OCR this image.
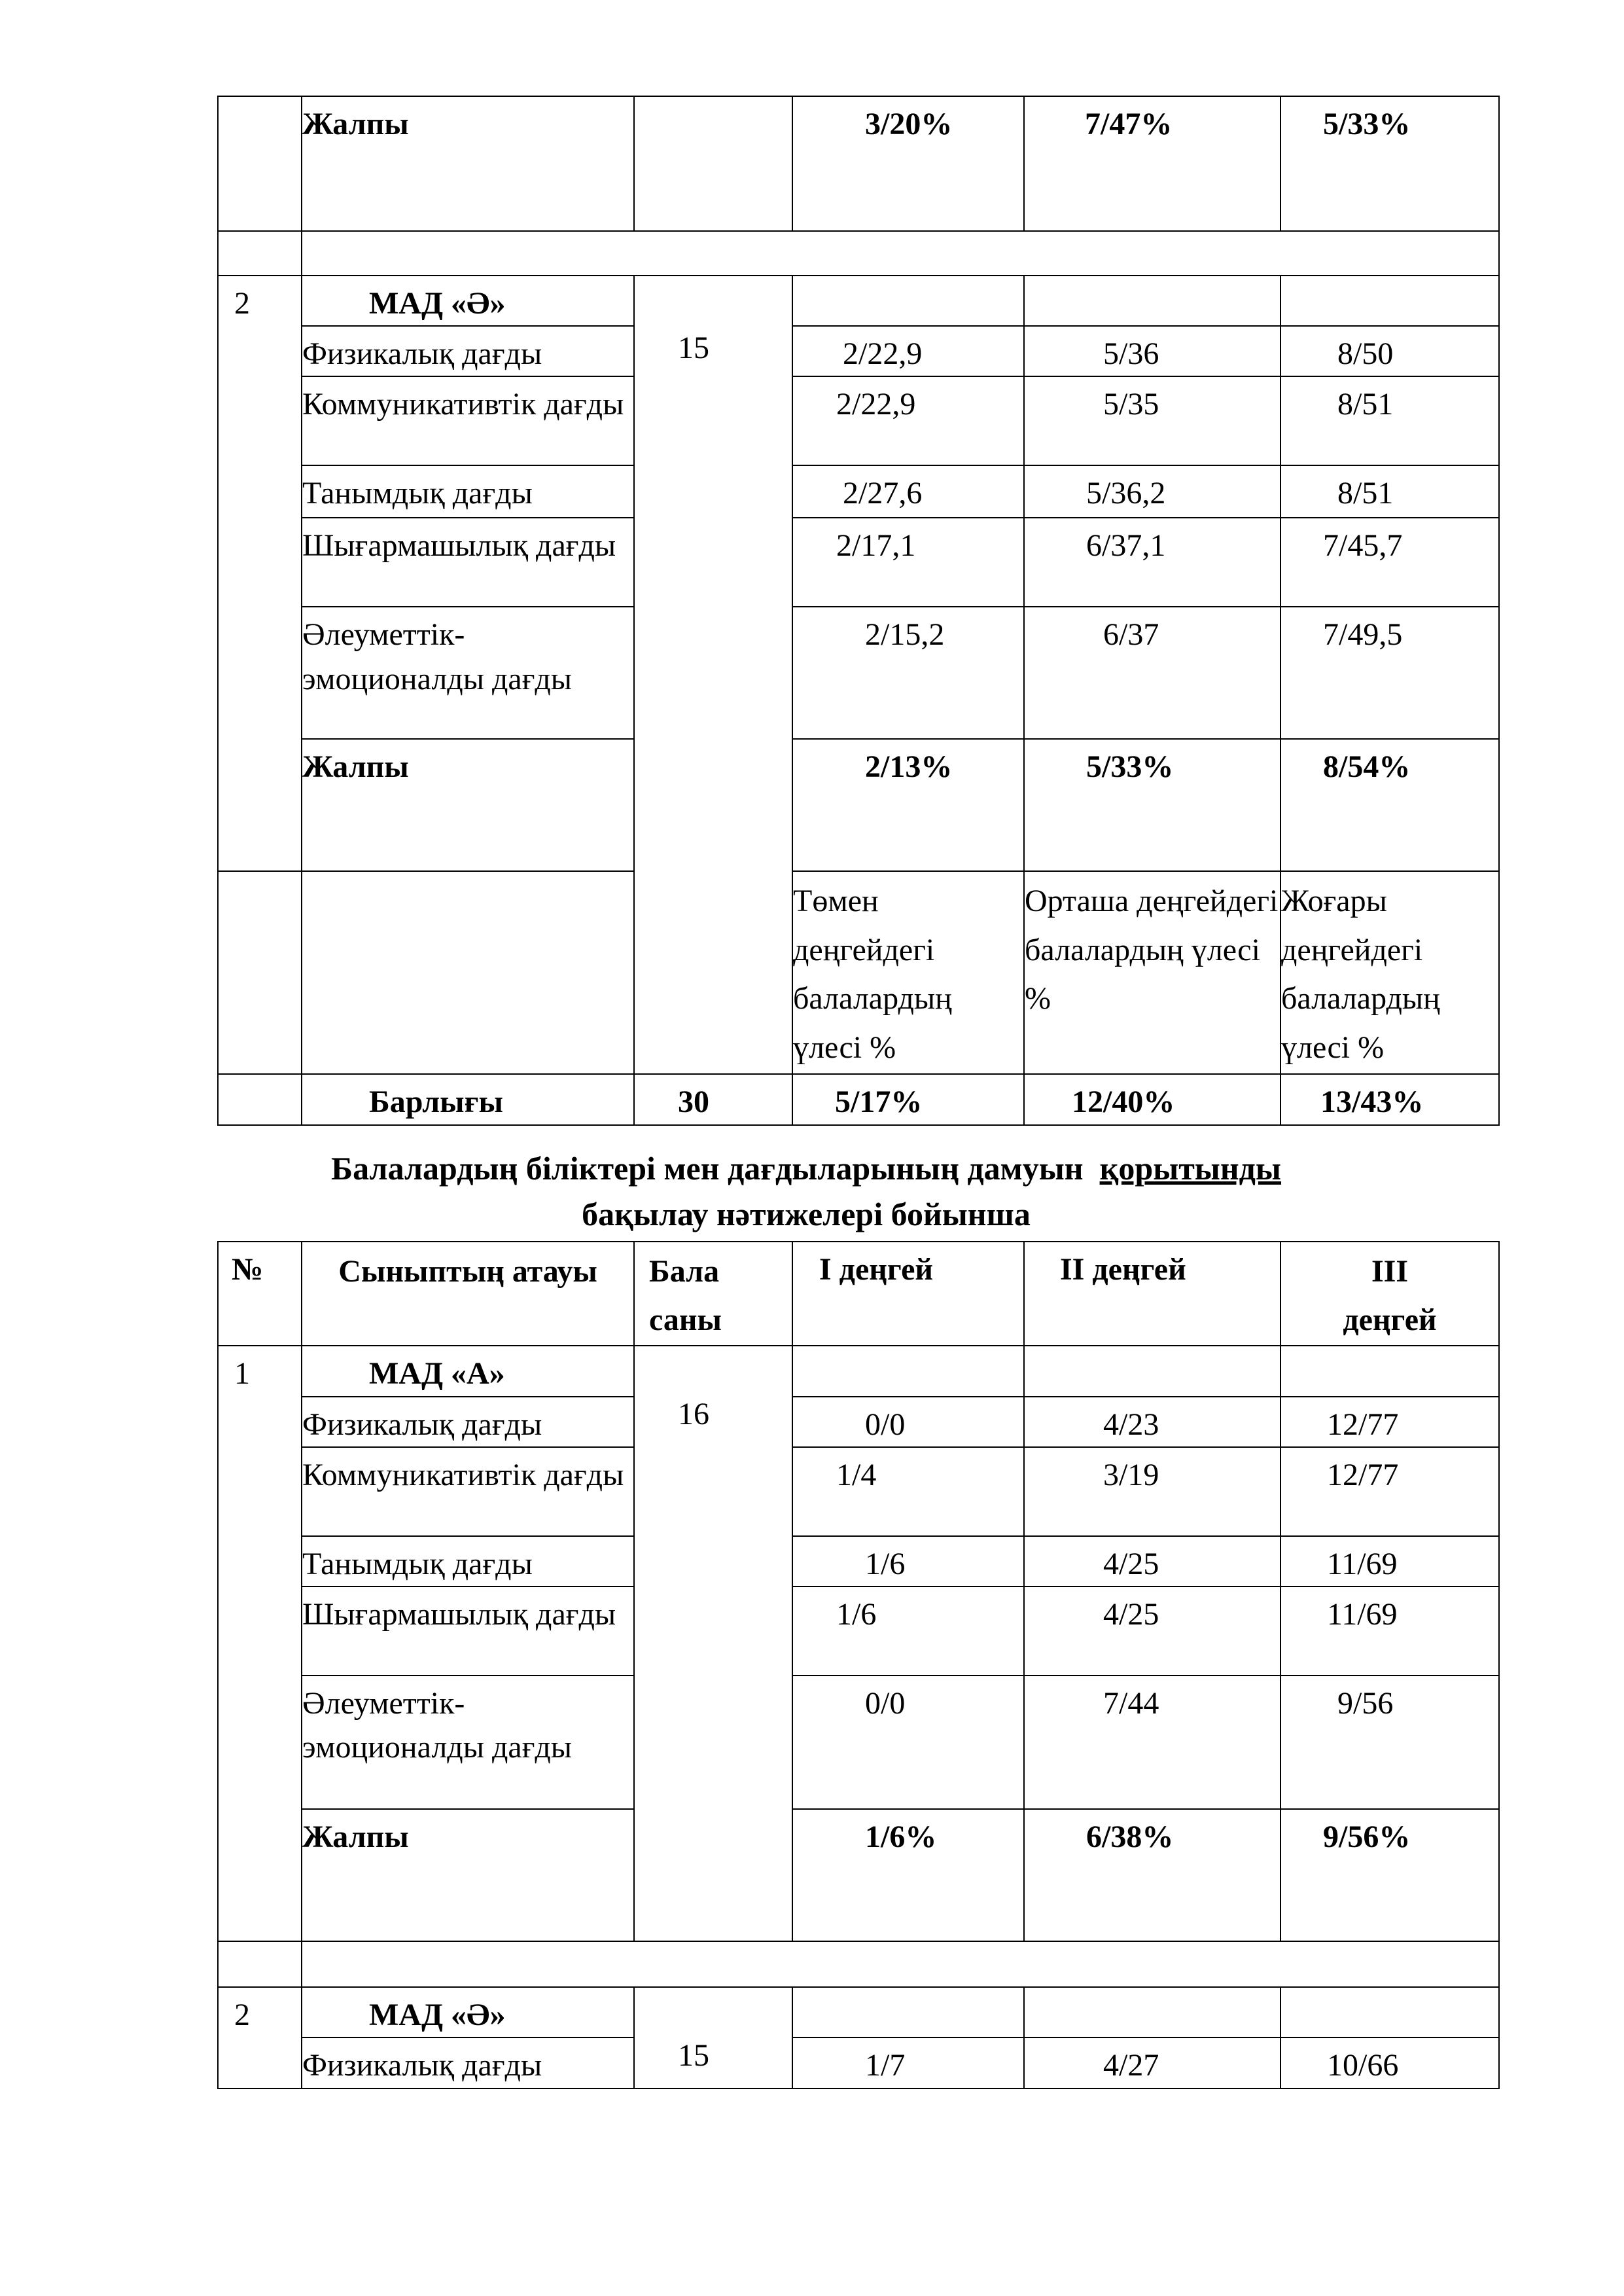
	Жалпы		3/20%	7/47%	5/33%

2	МАД «Ә»	15			

	Физикалық дағды		2/22,9	5/36	8/50

	Коммуникативтік дағды		2/22,9	5/35	8/51

	Танымдық дағды		2/27,6	5/36,2	8/51

	Шығармашылық дағды		2/17,1	6/37,1	7/45,7

	Әлеуметтік-эмоционалды дағды		2/15,2	6/37	7/49,5

	Жалпы		2/13%	5/33%	8/54%

			Төмен деңгейдегі балалардың үлесі %	Орташа деңгейдегі балалардың үлесі %	Жоғары деңгейдегі балалардың үлесі %

	Барлығы	30	5/17%	12/40%	13/43%
Балалардың біліктері мен дағдыларының дамуын қорытынды
бақылау нәтижелері бойынша
№	Сыныптың атауы	Бала саны	І деңгей	ІІ деңгей	ІІІ деңгей

1	МАД «А»	16			

	Физикалық дағды		0/0	4/23	12/77

	Коммуникативтік дағды		1/4	3/19	12/77

	Танымдық дағды		1/6	4/25	11/69

	Шығармашылық дағды		1/6	4/25	11/69

	Әлеуметтік-эмоционалды дағды		0/0	7/44	9/56

	Жалпы		1/6%	6/38%	9/56%

2	МАД «Ә»	15			

	Физикалық дағды		1/7	4/27	10/66
